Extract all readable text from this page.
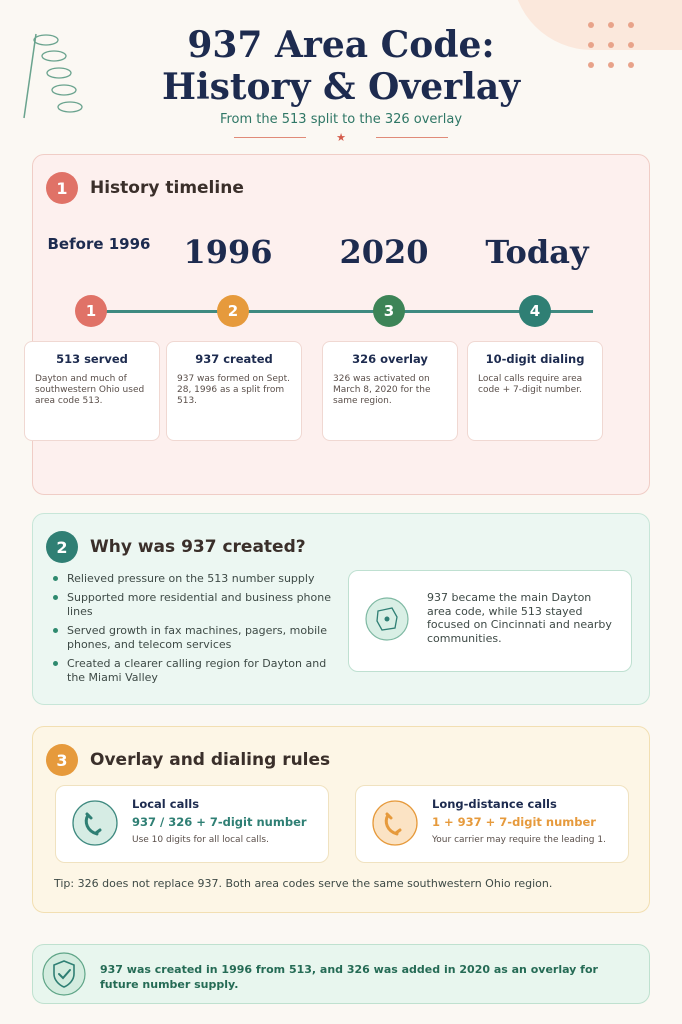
937 Area Code:
History & Overlay
From the 513 split to the 326 overlay
★
1	History timeline
Before 1996	1996	2020	Today
1	2	3	4
513 served

Dayton and much of southwestern Ohio used area code 513.

937 created

937 was formed on Sept. 28, 1996 as a split from 513.

326 overlay

326 was activated on March 8, 2020 for the same region.

10-digit dialing

Local calls require area code + 7-digit number.

2	Why was 937 created?
Relieved pressure on the 513 number supply
Supported more residential and business phone lines
Served growth in fax machines, pagers, mobile phones, and telecom services
Created a clearer calling region for Dayton and the Miami Valley
937 became the main Dayton area code, while 513 stayed focused on Cincinnati and nearby communities.
3	Overlay and dialing rules
Local calls
937 / 326 + 7-digit number
Use 10 digits for all local calls.
Long-distance calls
1 + 937 + 7-digit number
Your carrier may require the leading 1.
Tip: 326 does not replace 937. Both area codes serve the same southwestern Ohio region.
937 was created in 1996 from 513, and 326 was added in 2020 as an overlay for future number supply.
